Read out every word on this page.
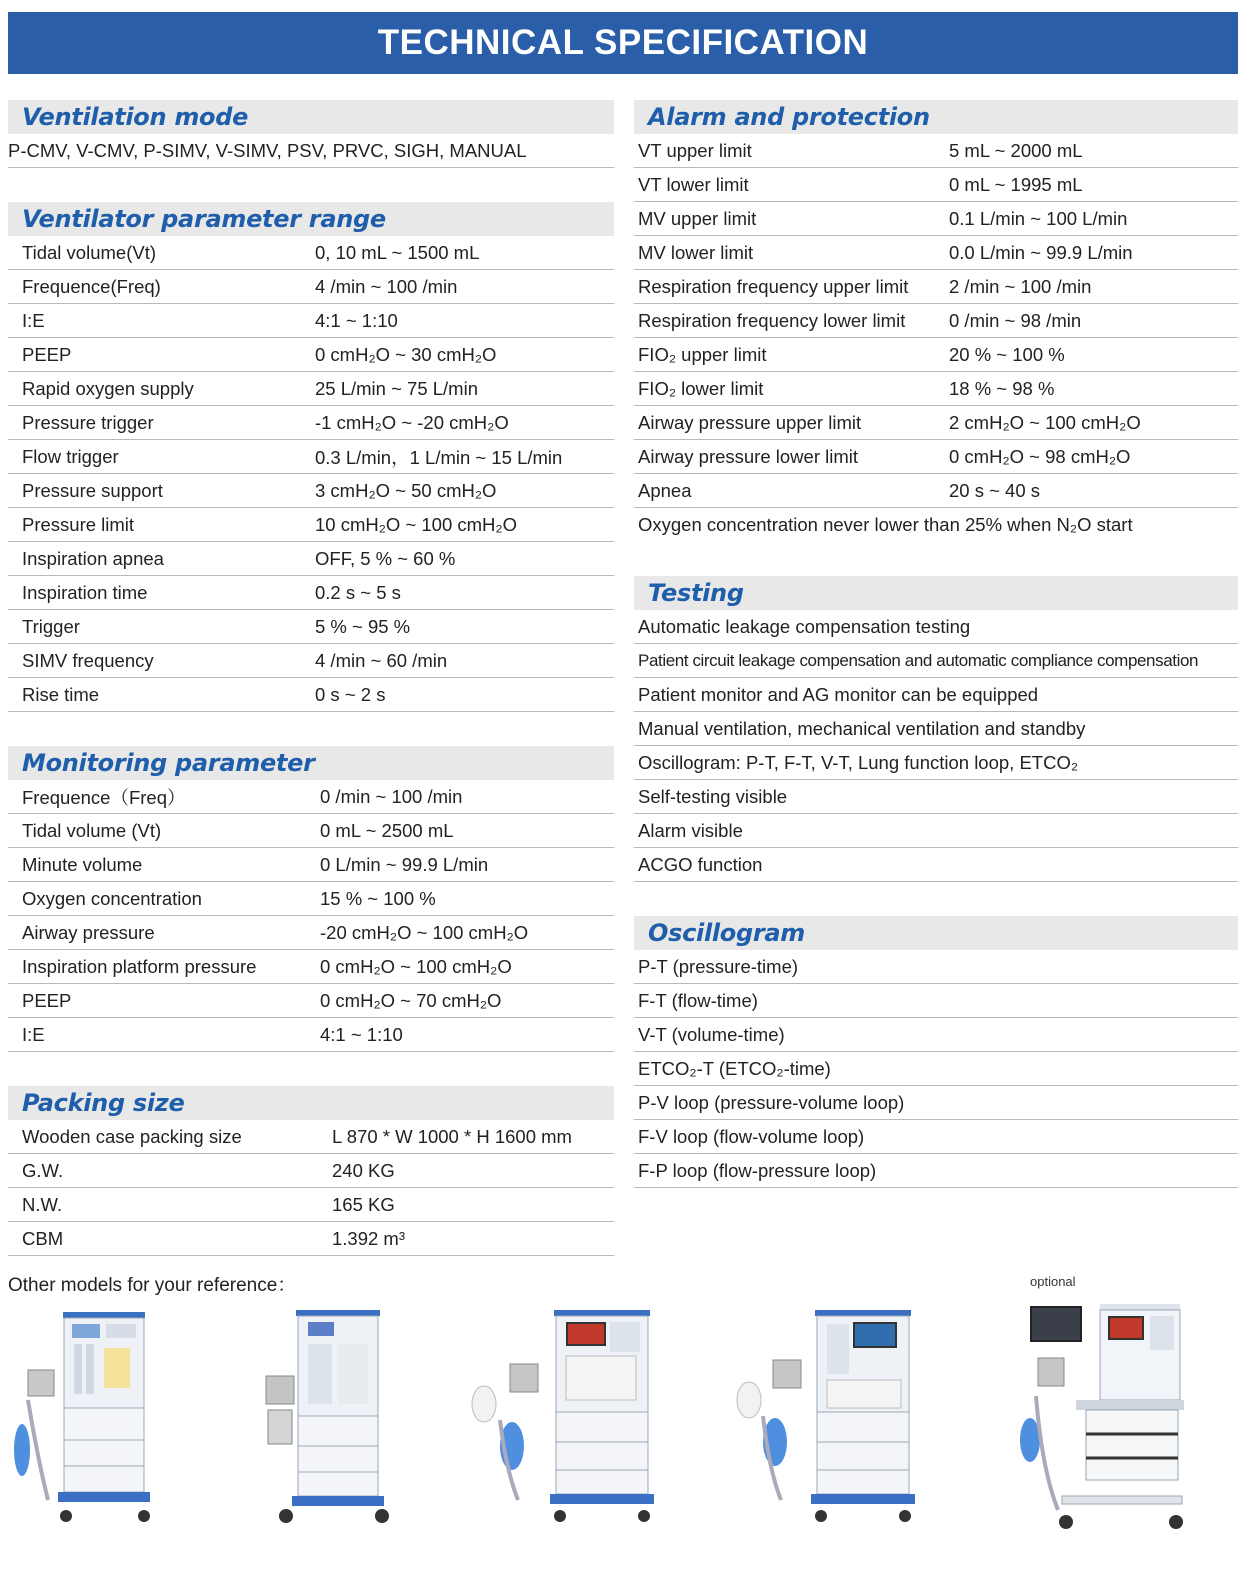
TECHNICAL SPECIFICATION
Ventilation mode
P-CMV, V-CMV, P-SIMV, V-SIMV, PSV, PRVC, SIGH, MANUAL
Ventilator parameter range
Tidal volume(Vt)	0, 10 mL ~ 1500 mL
Frequence(Freq)	4 /min ~ 100 /min
I:E	4:1 ~ 1:10
PEEP	0 cmH₂O ~ 30 cmH₂O
Rapid oxygen supply	25 L/min ~ 75 L/min
Pressure trigger	-1 cmH₂O ~ -20 cmH₂O
Flow trigger	0.3 L/min，1 L/min ~ 15 L/min
Pressure support	3 cmH₂O ~ 50 cmH₂O
Pressure limit	10 cmH₂O ~ 100 cmH₂O
Inspiration apnea	OFF, 5 % ~ 60 %
Inspiration time	0.2 s ~ 5 s
Trigger	5 % ~ 95 %
SIMV frequency	4 /min ~ 60 /min
Rise time	0 s ~ 2 s
Monitoring parameter
Frequence（Freq）	0 /min ~ 100 /min
Tidal volume (Vt)	0 mL ~ 2500 mL
Minute volume	0 L/min ~ 99.9 L/min
Oxygen concentration	15 % ~ 100 %
Airway pressure	-20 cmH₂O ~ 100 cmH₂O
Inspiration platform pressure	0 cmH₂O ~ 100 cmH₂O
PEEP	0 cmH₂O ~ 70 cmH₂O
I:E	4:1 ~ 1:10
Packing size
Wooden case packing size	L 870 * W 1000 * H 1600 mm
G.W.	240 KG
N.W.	165 KG
CBM	1.392 m³
Alarm and protection
VT upper limit	5 mL ~ 2000 mL
VT lower limit	0 mL ~ 1995 mL
MV upper limit	0.1 L/min ~ 100 L/min
MV lower limit	0.0 L/min ~ 99.9 L/min
Respiration frequency upper limit 2 /min ~ 100 /min
Respiration frequency lower limit 0 /min ~ 98 /min
FIO₂ upper limit	20 % ~ 100 %
FIO₂ lower limit	18 % ~ 98 %
Airway pressure upper limit	2 cmH₂O ~ 100 cmH₂O
Airway pressure lower limit	0 cmH₂O ~ 98 cmH₂O
Apnea	20 s ~ 40 s
Oxygen concentration never lower than 25% when N₂O start
Testing
Automatic leakage compensation testing
Patient circuit leakage compensation and automatic compliance compensation
Patient monitor and AG monitor can be equipped
Manual ventilation, mechanical ventilation and standby
Oscillogram: P-T, F-T, V-T, Lung function loop, ETCO₂
Self-testing visible
Alarm visible
ACGO function
Oscillogram
P-T (pressure-time)
F-T (flow-time)
V-T (volume-time)
ETCO₂-T (ETCO₂-time)
P-V loop (pressure-volume loop)
F-V loop (flow-volume loop)
F-P loop (flow-pressure loop)
Other models for your reference：	optional
